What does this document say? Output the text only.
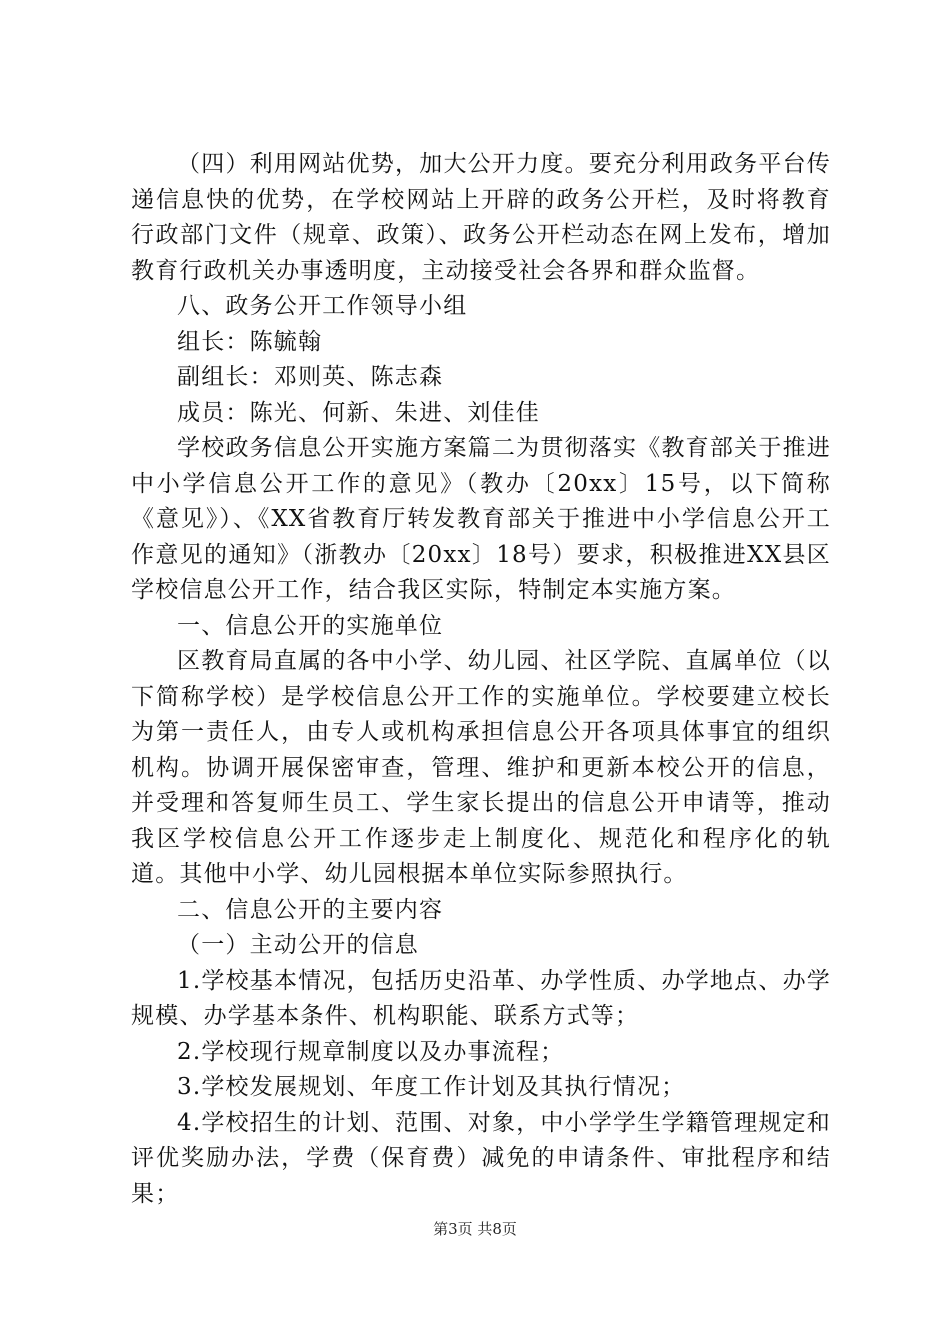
（四）利用网站优势，加大公开力度。要充分利用政务平台传递信息快的优势，在学校网站上开辟的政务公开栏，及时将教育行政部门文件（规章、政策）、政务公开栏动态在网上发布，增加教育行政机关办事透明度，主动接受社会各界和群众监督。

八、政务公开工作领导小组

组长：陈毓翰

副组长：邓则英、陈志森

成员：陈光、何新、朱进、刘佳佳

学校政务信息公开实施方案篇二为贯彻落实《教育部关于推进中小学信息公开工作的意见》（教办〔20xx〕15号，以下简称《意见》）、《XX省教育厅转发教育部关于推进中小学信息公开工作意见的通知》（浙教办〔20xx〕18号）要求，积极推进XX县区学校信息公开工作，结合我区实际，特制定本实施方案。

一、信息公开的实施单位

区教育局直属的各中小学、幼儿园、社区学院、直属单位（以下简称学校）是学校信息公开工作的实施单位。学校要建立校长为第一责任人，由专人或机构承担信息公开各项具体事宜的组织机构。协调开展保密审查，管理、维护和更新本校公开的信息，并受理和答复师生员工、学生家长提出的信息公开申请等，推动我区学校信息公开工作逐步走上制度化、规范化和程序化的轨道。其他中小学、幼儿园根据本单位实际参照执行。

二、信息公开的主要内容

（一）主动公开的信息

1.学校基本情况，包括历史沿革、办学性质、办学地点、办学规模、办学基本条件、机构职能、联系方式等；

2.学校现行规章制度以及办事流程；

3.学校发展规划、年度工作计划及其执行情况；

4.学校招生的计划、范围、对象，中小学学生学籍管理规定和评优奖励办法，学费（保育费）减免的申请条件、审批程序和结果；

第3页 共8页
